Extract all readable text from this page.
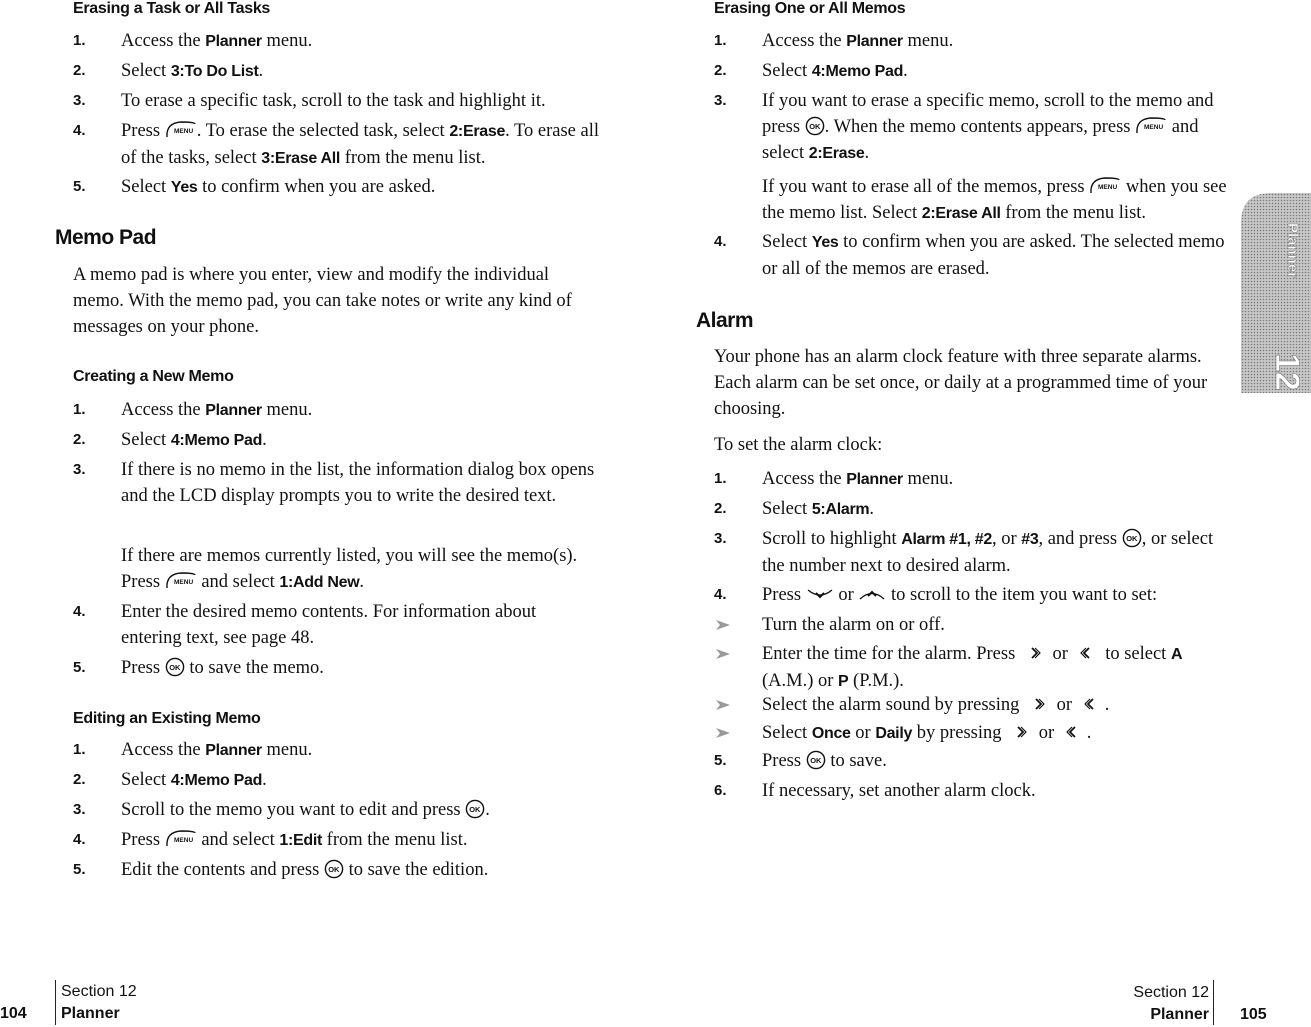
Erasing a Task or All Tasks

1. Access the Planner menu.
2. Select 3:To Do List.
3. To erase a specific task, scroll to the task and highlight it.
4. Press . To erase the selected task, select 2:Erase. To erase all of the tasks, select 3:Erase All from the menu list.
5. Select Yes to confirm when you are asked.

Memo Pad

A memo pad is where you enter, view and modify the individual memo. With the memo pad, you can take notes or write any kind of messages on your phone.

Creating a New Memo

1. Access the Planner menu.
2. Select 4:Memo Pad.
3. If there is no memo in the list, the information dialog box opens and the LCD display prompts you to write the desired text.
If there are memos currently listed, you will see the memo(s). Press  and select 1:Add New.
4. Enter the desired memo contents. For information about entering text, see page 48.
5. Press  to save the memo.

Editing an Existing Memo

1. Access the Planner menu.
2. Select 4:Memo Pad.
3. Scroll to the memo you want to edit and press .
4. Press  and select 1:Edit from the menu list.
5. Edit the contents and press  to save the edition.

Erasing One or All Memos

1. Access the Planner menu.
2. Select 4:Memo Pad.
3. If you want to erase a specific memo, scroll to the memo and press . When the memo contents appears, press  and select 2:Erase.
If you want to erase all of the memos, press  when you see the memo list. Select 2:Erase All from the menu list.
4. Select Yes to confirm when you are asked. The selected memo or all of the memos are erased.

Alarm

Your phone has an alarm clock feature with three separate alarms. Each alarm can be set once, or daily at a programmed time of your choosing.

To set the alarm clock:

1. Access the Planner menu.
2. Select 5:Alarm.
3. Scroll to highlight Alarm #1, #2, or #3, and press , or select the number next to desired alarm.
4. Press  or  to scroll to the item you want to set:
Turn the alarm on or off.
Enter the time for the alarm. Press  or  to select A (A.M.) or P (P.M.).
Select the alarm sound by pressing  or .
Select Once or Daily by pressing  or .
5. Press  to save.
6. If necessary, set another alarm clock.
Planner
12
104
Section 12
Planner
Section 12
Planner 105
